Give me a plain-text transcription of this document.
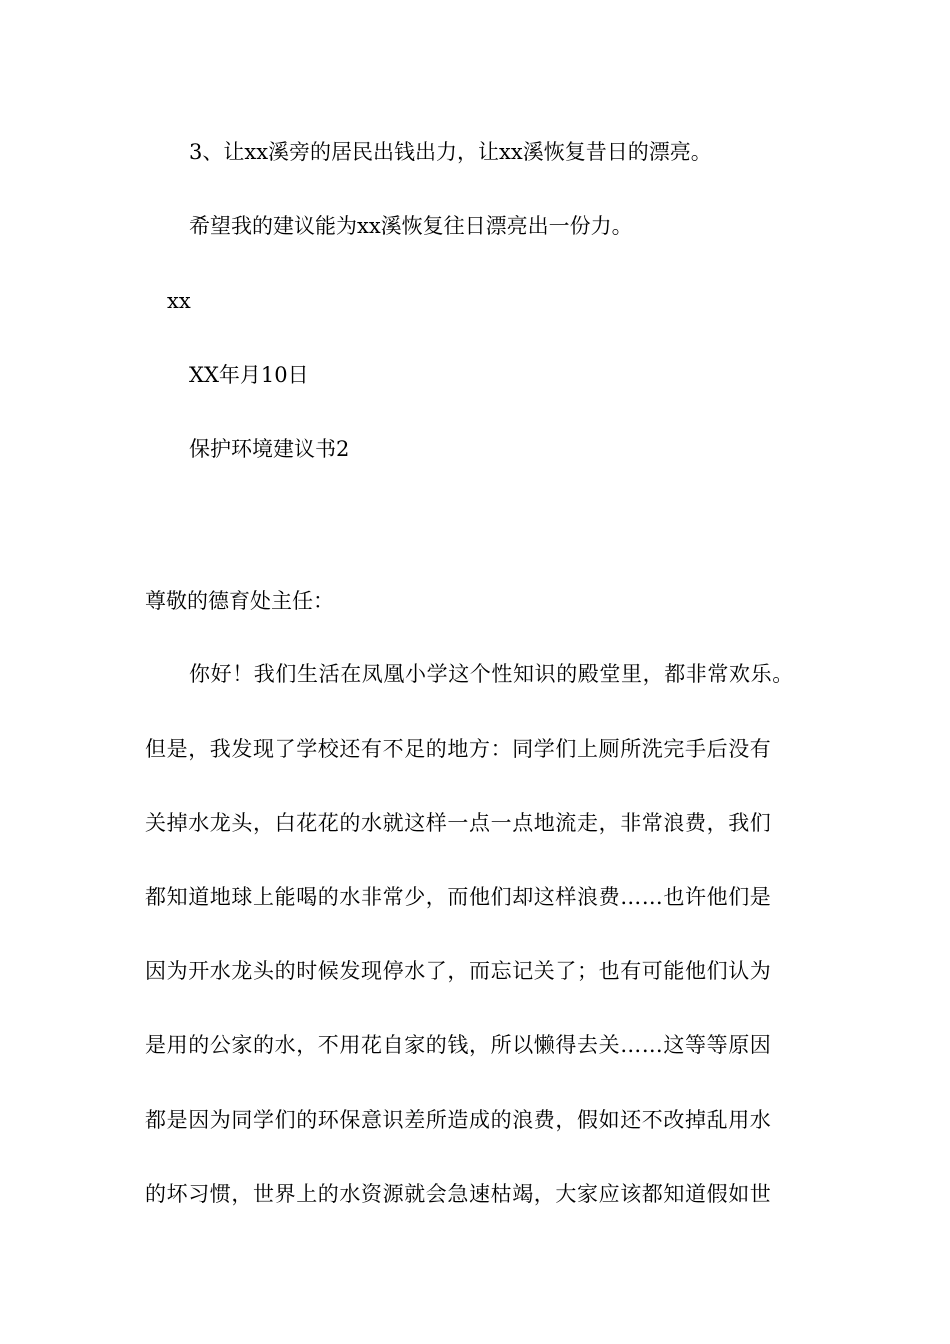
3、让xx溪旁的居民出钱出力，让xx溪恢复昔日的漂亮。
希望我的建议能为xx溪恢复往日漂亮出一份力。
xx
XX年月10日
保护环境建议书2
尊敬的德育处主任：
你好！我们生活在凤凰小学这个性知识的殿堂里，都非常欢乐。
但是，我发现了学校还有不足的地方：同学们上厕所洗完手后没有
关掉水龙头，白花花的水就这样一点一点地流走，非常浪费，我们
都知道地球上能喝的水非常少，而他们却这样浪费……也许他们是
因为开水龙头的时候发现停水了，而忘记关了；也有可能他们认为
是用的公家的水，不用花自家的钱，所以懒得去关……这等等原因
都是因为同学们的环保意识差所造成的浪费，假如还不改掉乱用水
的坏习惯，世界上的水资源就会急速枯竭，大家应该都知道假如世
